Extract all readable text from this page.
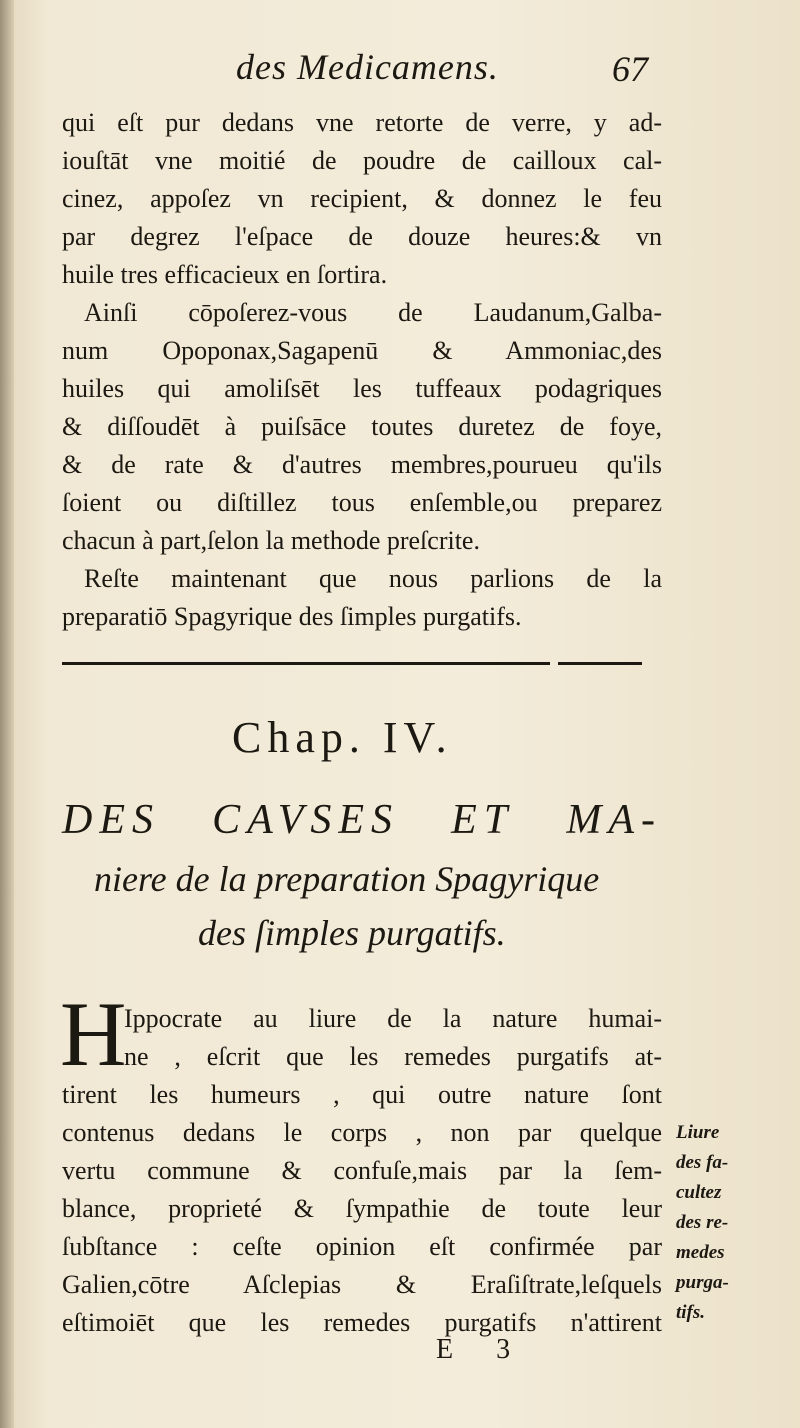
des Medicamens.	67
qui eſt pur dedans vne retorte de verre, y ad-
iouſtāt vne moitié de poudre de cailloux cal-
cinez, appoſez vn recipient, & donnez le feu
par degrez l'eſpace de douze heures:& vn
huile tres efficacieux en ſortira.
Ainſi cōpoſerez-vous de Laudanum,Galba-
num Opoponax,Sagapenū & Ammoniac,des
huiles qui amoliſsēt les tuffeaux podagriques
& diſſoudēt à puiſsāce toutes duretez de foye,
& de rate & d'autres membres,pourueu qu'ils
ſoient ou diſtillez tous enſemble,ou preparez
chacun à part,ſelon la methode preſcrite.
Reſte maintenant que nous parlions de la
preparatiō Spagyrique des ſimples purgatifs.
Chap. IV.
DES CAVSES ET MA-
niere de la preparation Spagyrique
des ſimples purgatifs.
H
Ippocrate au liure de la nature humai-
ne , eſcrit que les remedes purgatifs at-
tirent les humeurs , qui outre nature ſont
contenus dedans le corps , non par quelque
vertu commune & confuſe,mais par la ſem-
blance, proprieté & ſympathie de toute leur
ſubſtance : ceſte opinion eſt confirmée par
Galien,cōtre Aſclepias & Eraſiſtrate,leſquels
eſtimoiēt que les remedes purgatifs n'attirent
Liure
des fa-
cultez
des re-
medes
purga-
tifs.
E 3
